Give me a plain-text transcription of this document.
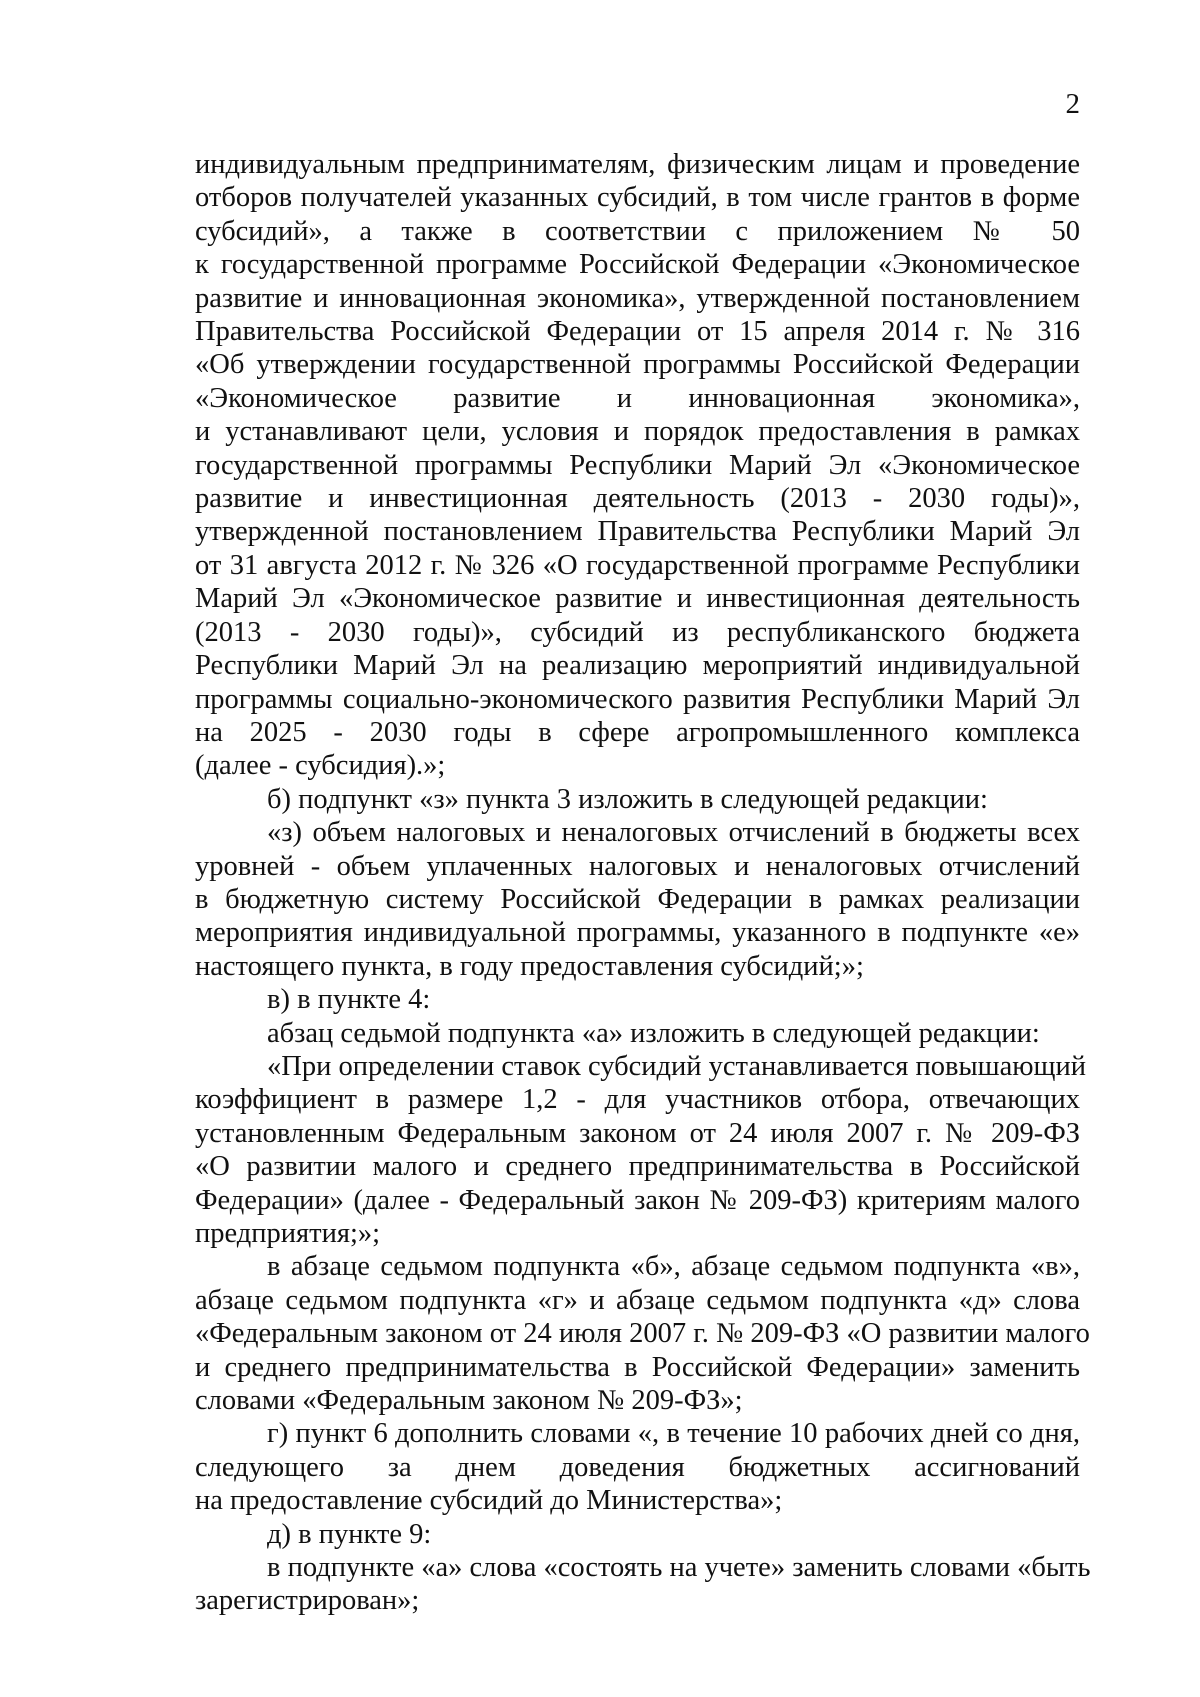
2
индивидуальным предпринимателям, физическим лицам и проведение
отборов получателей указанных субсидий, в том числе грантов в форме
субсидий», а также в соответствии с приложением № 50
к государственной программе Российской Федерации «Экономическое
развитие и инновационная экономика», утвержденной постановлением
Правительства Российской Федерации от 15 апреля 2014 г. № 316
«Об утверждении государственной программы Российской Федерации
«Экономическое развитие и инновационная экономика»,
и устанавливают цели, условия и порядок предоставления в рамках
государственной программы Республики Марий Эл «Экономическое
развитие и инвестиционная деятельность (2013 - 2030 годы)»,
утвержденной постановлением Правительства Республики Марий Эл
от 31 августа 2012 г. № 326 «О государственной программе Республики
Марий Эл «Экономическое развитие и инвестиционная деятельность
(2013 - 2030 годы)», субсидий из республиканского бюджета
Республики Марий Эл на реализацию мероприятий индивидуальной
программы социально-экономического развития Республики Марий Эл
на 2025 - 2030 годы в сфере агропромышленного комплекса
(далее - субсидия).»;
б) подпункт «з» пункта 3 изложить в следующей редакции:
«з) объем налоговых и неналоговых отчислений в бюджеты всех
уровней - объем уплаченных налоговых и неналоговых отчислений
в бюджетную систему Российской Федерации в рамках реализации
мероприятия индивидуальной программы, указанного в подпункте «е»
настоящего пункта, в году предоставления субсидий;»;
в) в пункте 4:
абзац седьмой подпункта «а» изложить в следующей редакции:
«При определении ставок субсидий устанавливается повышающий
коэффициент в размере 1,2 - для участников отбора, отвечающих
установленным Федеральным законом от 24 июля 2007 г. № 209-ФЗ
«О развитии малого и среднего предпринимательства в Российской
Федерации» (далее - Федеральный закон № 209-ФЗ) критериям малого
предприятия;»;
в абзаце седьмом подпункта «б», абзаце седьмом подпункта «в»,
абзаце седьмом подпункта «г» и абзаце седьмом подпункта «д» слова
«Федеральным законом от 24 июля 2007 г. № 209-ФЗ «О развитии малого
и среднего предпринимательства в Российской Федерации» заменить
словами «Федеральным законом № 209-ФЗ»;
г) пункт 6 дополнить словами «, в течение 10 рабочих дней со дня,
следующего за днем доведения бюджетных ассигнований
на предоставление субсидий до Министерства»;
д) в пункте 9:
в подпункте «а» слова «состоять на учете» заменить словами «быть
зарегистрирован»;
